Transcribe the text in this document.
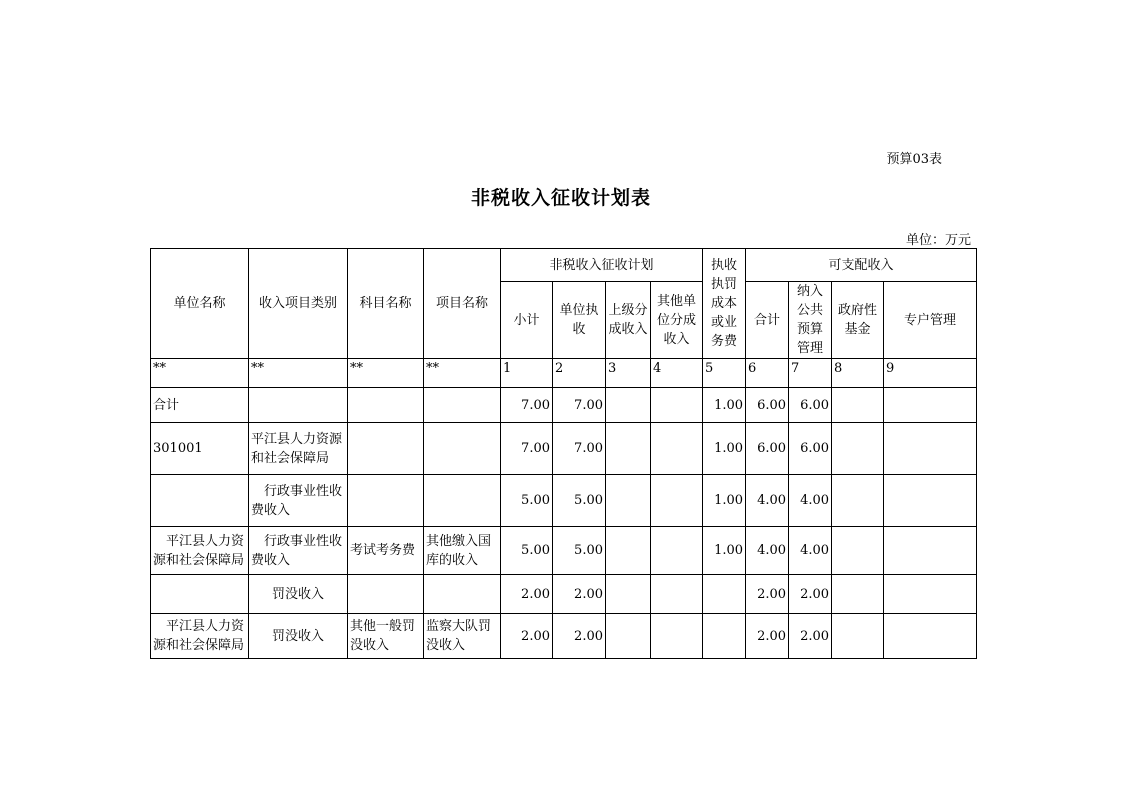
预算03表
非税收入征收计划表
单位：万元
单位名称	收入项目类别	科目名称	项目名称	非税收入征收计划				执收执罚成本或业务费	可支配收入			
				小计	单位执收	上级分成收入	其他单位分成收入		合计	纳入公共预算管理	政府性基金	专户管理
**	**	**	**	1	2	3	4	5	6	7	8	9
合计				7.00	7.00			1.00	6.00	6.00		
301001	平江县人力资源和社会保障局			7.00	7.00			1.00	6.00	6.00		
	行政事业性收费收入			5.00	5.00			1.00	4.00	4.00		
平江县人力资源和社会保障局	行政事业性收费收入	考试考务费	其他缴入国库的收入	5.00	5.00			1.00	4.00	4.00		
	罚没收入			2.00	2.00				2.00	2.00		
平江县人力资源和社会保障局	罚没收入	其他一般罚没收入	监察大队罚没收入	2.00	2.00				2.00	2.00		
